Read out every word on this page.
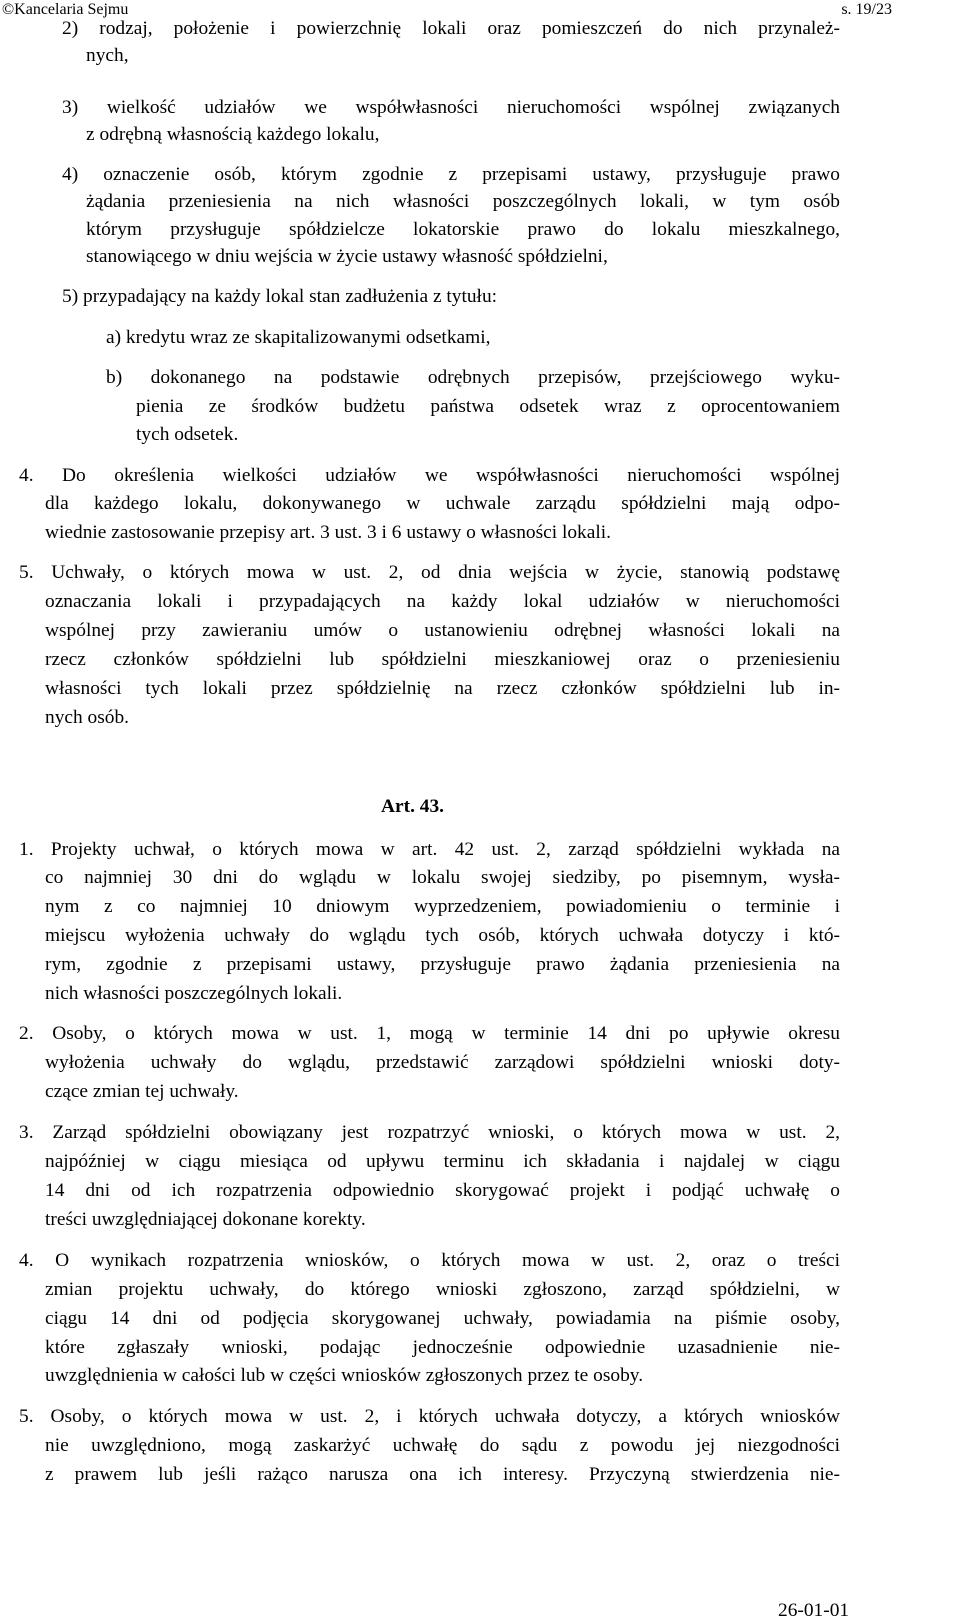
©Kancelaria Sejmu	s. 19/23
2) rodzaj, położenie i powierzchnię lokali oraz pomieszczeń do nich przynależ-
nych,
3) wielkość udziałów we współwłasności nieruchomości wspólnej związanych
z odrębną własnością każdego lokalu,
4) oznaczenie osób, którym zgodnie z przepisami ustawy, przysługuje prawo
żądania przeniesienia na nich własności poszczególnych lokali, w tym osób
którym przysługuje spółdzielcze lokatorskie prawo do lokalu mieszkalnego,
stanowiącego w dniu wejścia w życie ustawy własność spółdzielni,
5) przypadający na każdy lokal stan zadłużenia z tytułu:
a) kredytu wraz ze skapitalizowanymi odsetkami,
b) dokonanego na podstawie odrębnych przepisów, przejściowego wyku-
pienia ze środków budżetu państwa odsetek wraz z oprocentowaniem
tych odsetek.
4. Do określenia wielkości udziałów we współwłasności nieruchomości wspólnej
dla każdego lokalu, dokonywanego w uchwale zarządu spółdzielni mają odpo-
wiednie zastosowanie przepisy art. 3 ust. 3 i 6 ustawy o własności lokali.
5. Uchwały, o których mowa w ust. 2, od dnia wejścia w życie, stanowią podstawę
oznaczania lokali i przypadających na każdy lokal udziałów w nieruchomości
wspólnej przy zawieraniu umów o ustanowieniu odrębnej własności lokali na
rzecz członków spółdzielni lub spółdzielni mieszkaniowej oraz o przeniesieniu
własności tych lokali przez spółdzielnię na rzecz członków spółdzielni lub in-
nych osób.
1. Projekty uchwał, o których mowa w art. 42 ust. 2, zarząd spółdzielni wykłada na
co najmniej 30 dni do wglądu w lokalu swojej siedziby, po pisemnym, wysła-
nym z co najmniej 10 dniowym wyprzedzeniem, powiadomieniu o terminie i
miejscu wyłożenia uchwały do wglądu tych osób, których uchwała dotyczy i któ-
rym, zgodnie z przepisami ustawy, przysługuje prawo żądania przeniesienia na
nich własności poszczególnych lokali.
2. Osoby, o których mowa w ust. 1, mogą w terminie 14 dni po upływie okresu
wyłożenia uchwały do wglądu, przedstawić zarządowi spółdzielni wnioski doty-
czące zmian tej uchwały.
3. Zarząd spółdzielni obowiązany jest rozpatrzyć wnioski, o których mowa w ust. 2,
najpóźniej w ciągu miesiąca od upływu terminu ich składania i najdalej w ciągu
14 dni od ich rozpatrzenia odpowiednio skorygować projekt i podjąć uchwałę o
treści uwzględniającej dokonane korekty.
4. O wynikach rozpatrzenia wniosków, o których mowa w ust. 2, oraz o treści
zmian projektu uchwały, do którego wnioski zgłoszono, zarząd spółdzielni, w
ciągu 14 dni od podjęcia skorygowanej uchwały, powiadamia na piśmie osoby,
które zgłaszały wnioski, podając jednocześnie odpowiednie uzasadnienie nie-
uwzględnienia w całości lub w części wniosków zgłoszonych przez te osoby.
5. Osoby, o których mowa w ust. 2, i których uchwała dotyczy, a których wniosków
nie uwzględniono, mogą zaskarżyć uchwałę do sądu z powodu jej niezgodności
z prawem lub jeśli rażąco narusza ona ich interesy. Przyczyną stwierdzenia nie-
Art. 43.
26-01-01
